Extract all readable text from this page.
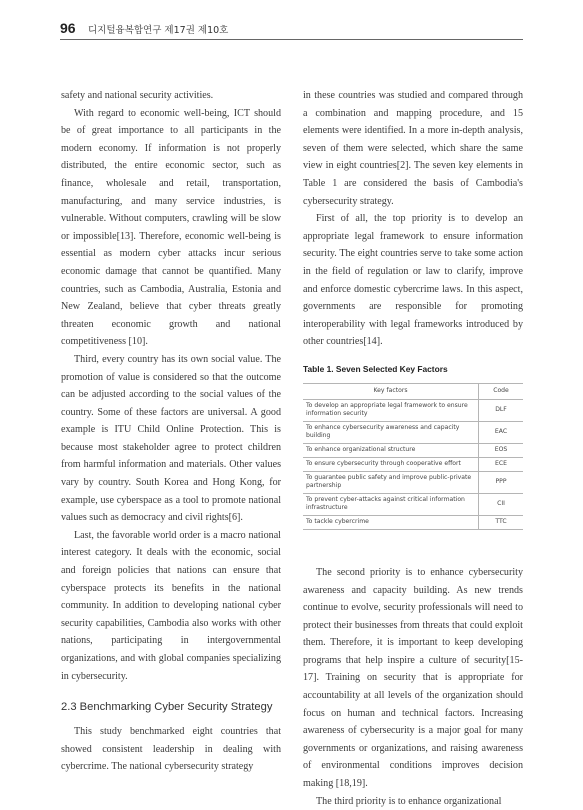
96 디지털융복합연구 제17권 제10호

safety and national security activities.

With regard to economic well-being, ICT should be of great importance to all participants in the modern economy. If information is not properly distributed, the entire economic sector, such as finance, wholesale and retail, transportation, manufacturing, and many service industries, is vulnerable. Without computers, crawling will be slow or impossible[13]. Therefore, economic well-being is essential as modern cyber attacks incur serious economic damage that cannot be quantified. Many countries, such as Cambodia, Australia, Estonia and New Zealand, believe that cyber threats greatly threaten economic growth and national competitiveness [10].

Third, every country has its own social value. The promotion of value is considered so that the outcome can be adjusted according to the social values of the country. Some of these factors are universal. A good example is ITU Child Online Protection. This is because most stakeholder agree to protect children from harmful information and materials. Other values vary by country. South Korea and Hong Kong, for example, use cyberspace as a tool to promote national values such as democracy and civil rights[6].

Last, the favorable world order is a macro national interest category. It deals with the economic, social and foreign policies that nations can ensure that cyberspace protects its benefits in the national community. In addition to developing national cyber security capabilities, Cambodia also works with other nations, participating in intergovernmental organizations, and with global companies specializing in cybersecurity.

2.3 Benchmarking Cyber Security Strategy

This study benchmarked eight countries that showed consistent leadership in dealing with cybercrime. The national cybersecurity strategy

in these countries was studied and compared through a combination and mapping procedure, and 15 elements were identified. In a more in-depth analysis, seven of them were selected, which share the same view in eight countries[2]. The seven key elements in Table 1 are considered the basis of Cambodia's cybersecurity strategy.

First of all, the top priority is to develop an appropriate legal framework to ensure information security. The eight countries serve to take some action in the field of regulation or law to clarify, improve and enforce domestic cybercrime laws. In this aspect, governments are responsible for promoting interoperability with legal frameworks introduced by other countries[14].

Table 1. Seven Selected Key Factors
Key factors	Code
To develop an appropriate legal framework to ensure information security	DLF
To enhance cybersecurity awareness and capacity building	EAC
To enhance organizational structure	EOS
To ensure cybersecurity through cooperative effort	ECE
To guarantee public safety and improve public-private partnership	PPP
To prevent cyber-attacks against critical information infrastructure	CII
To tackle cybercrime	TTC

The second priority is to enhance cybersecurity awareness and capacity building. As new trends continue to evolve, security professionals will need to protect their businesses from threats that could exploit them. Therefore, it is important to keep developing programs that help inspire a culture of security[15-17]. Training on security that is appropriate for accountability at all levels of the organization should focus on human and technical factors. Increasing awareness of cybersecurity is a major goal for many governments or organizations, and raising awareness of environmental conditions improves decision making [18,19].

The third priority is to enhance organizational
